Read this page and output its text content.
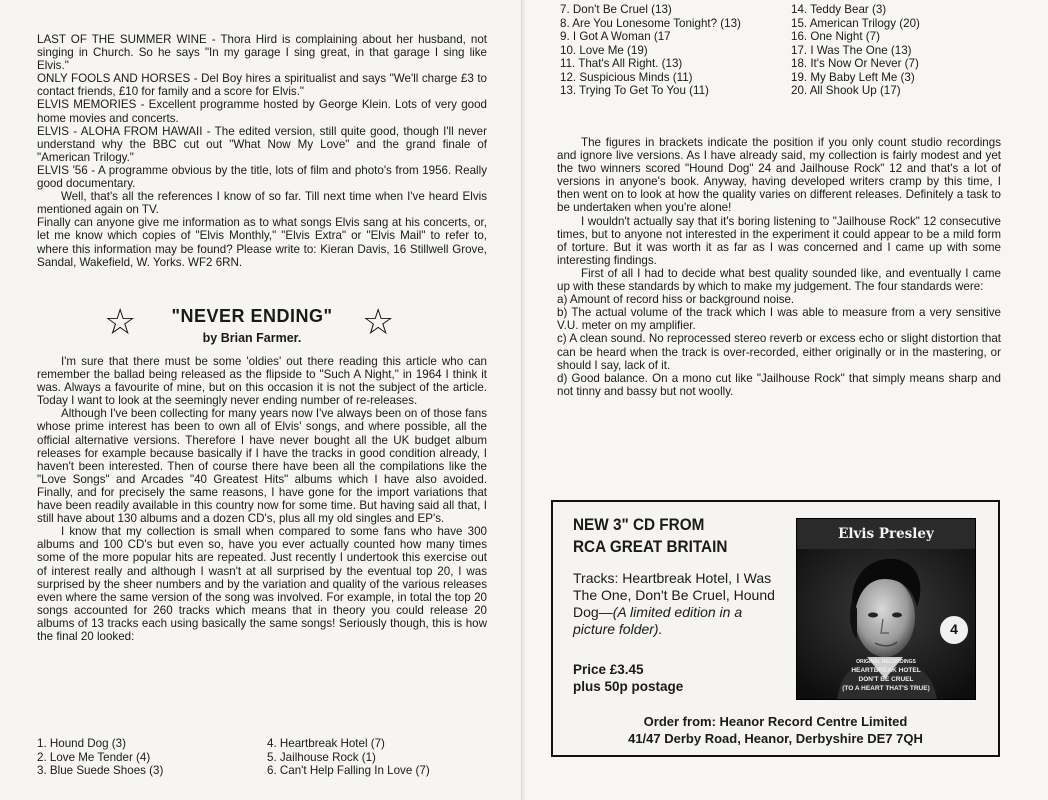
LAST OF THE SUMMER WINE - Thora Hird is complaining about her husband, not singing in Church. So he says "In my garage I sing great, in that garage I sing like Elvis."

ONLY FOOLS AND HORSES - Del Boy hires a spiritualist and says "We'll charge £3 to contact friends, £10 for family and a score for Elvis."

ELVIS MEMORIES - Excellent programme hosted by George Klein. Lots of very good home movies and concerts.

ELVIS - ALOHA FROM HAWAII - The edited version, still quite good, though I'll never understand why the BBC cut out "What Now My Love" and the grand finale of "American Trilogy."

ELVIS '56 - A programme obvious by the title, lots of film and photo's from 1956. Really good documentary.

Well, that's all the references I know of so far. Till next time when I've heard Elvis mentioned again on TV.

Finally can anyone give me information as to what songs Elvis sang at his concerts, or, let me know which copies of "Elvis Monthly," "Elvis Extra" or "Elvis Mail" to refer to, where this information may be found? Please write to: Kieran Davis, 16 Stillwell Grove, Sandal, Wakefield, W. Yorks. WF2 6RN.

☆	"NEVER ENDING"
by Brian Farmer.	☆

I'm sure that there must be some 'oldies' out there reading this article who can remember the ballad being released as the flipside to "Such A Night," in 1964 I think it was. Always a favourite of mine, but on this occasion it is not the subject of the article. Today I want to look at the seemingly never ending number of re-releases.

Although I've been collecting for many years now I've always been on of those fans whose prime interest has been to own all of Elvis' songs, and where possible, all the official alternative versions. Therefore I have never bought all the UK budget album releases for example because basically if I have the tracks in good condition already, I haven't been interested. Then of course there have been all the compilations like the "Love Songs" and Arcades "40 Greatest Hits" albums which I have also avoided. Finally, and for precisely the same reasons, I have gone for the import variations that have been readily available in this country now for some time. But having said all that, I still have about 130 albums and a dozen CD's, plus all my old singles and EP's.

I know that my collection is small when compared to some fans who have 300 albums and 100 CD's but even so, have you ever actually counted how many times some of the more popular hits are repeated. Just recently I undertook this exercise out of interest really and although I wasn't at all surprised by the eventual top 20, I was surprised by the sheer numbers and by the variation and quality of the various releases even where the same version of the song was involved. For example, in total the top 20 songs accounted for 260 tracks which means that in theory you could release 20 albums of 13 tracks each using basically the same songs! Seriously though, this is how the final 20 looked:

1. Hound Dog (3)
2. Love Me Tender (4)
3. Blue Suede Shoes (3)
4. Heartbreak Hotel (7)
5. Jailhouse Rock (1)
6. Can't Help Falling In Love (7)
7. Don't Be Cruel (13)
8. Are You Lonesome Tonight? (13)
9. I Got A Woman (17
10. Love Me (19)
11. That's All Right. (13)
12. Suspicious Minds (11)
13. Trying To Get To You (11)
14. Teddy Bear (3)
15. American Trilogy (20)
16. One Night (7)
17. I Was The One (13)
18. It's Now Or Never (7)
19. My Baby Left Me (3)
20. All Shook Up (17)

The figures in brackets indicate the position if you only count studio recordings and ignore live versions. As I have already said, my collection is fairly modest and yet the two winners scored "Hound Dog" 24 and Jailhouse Rock" 12 and that's a lot of versions in anyone's book. Anyway, having developed writers cramp by this time, I then went on to look at how the quality varies on different releases. Definitely a task to be undertaken when you're alone!

I wouldn't actually say that it's boring listening to "Jailhouse Rock" 12 consecutive times, but to anyone not interested in the experiment it could appear to be a mild form of torture. But it was worth it as far as I was concerned and I came up with some interesting findings.

First of all I had to decide what best quality sounded like, and eventually I came up with these standards by which to make my judgement. The four standards were:

a) Amount of record hiss or background noise.

b) The actual volume of the track which I was able to measure from a very sensitive V.U. meter on my amplifier.

c) A clean sound. No reprocessed stereo reverb or excess echo or slight distortion that can be heard when the track is over-recorded, either originally or in the mastering, or should I say, lack of it.

d) Good balance. On a mono cut like "Jailhouse Rock" that simply means sharp and not tinny and bassy but not woolly.

NEW 3" CD FROM
RCA GREAT BRITAIN
Tracks: Heartbreak Hotel, I Was The One, Don't Be Cruel, Hound Dog—(A limited edition in a picture folder).
Price £3.45
plus 50p postage
Order from: Heanor Record Centre Limited
41/47 Derby Road, Heanor, Derbyshire DE7 7QH
Elvis Presley
4
ORIGINAL RECORDINGS
HEARTBREAK HOTEL
DON'T BE CRUEL
(TO A HEART THAT'S TRUE)
